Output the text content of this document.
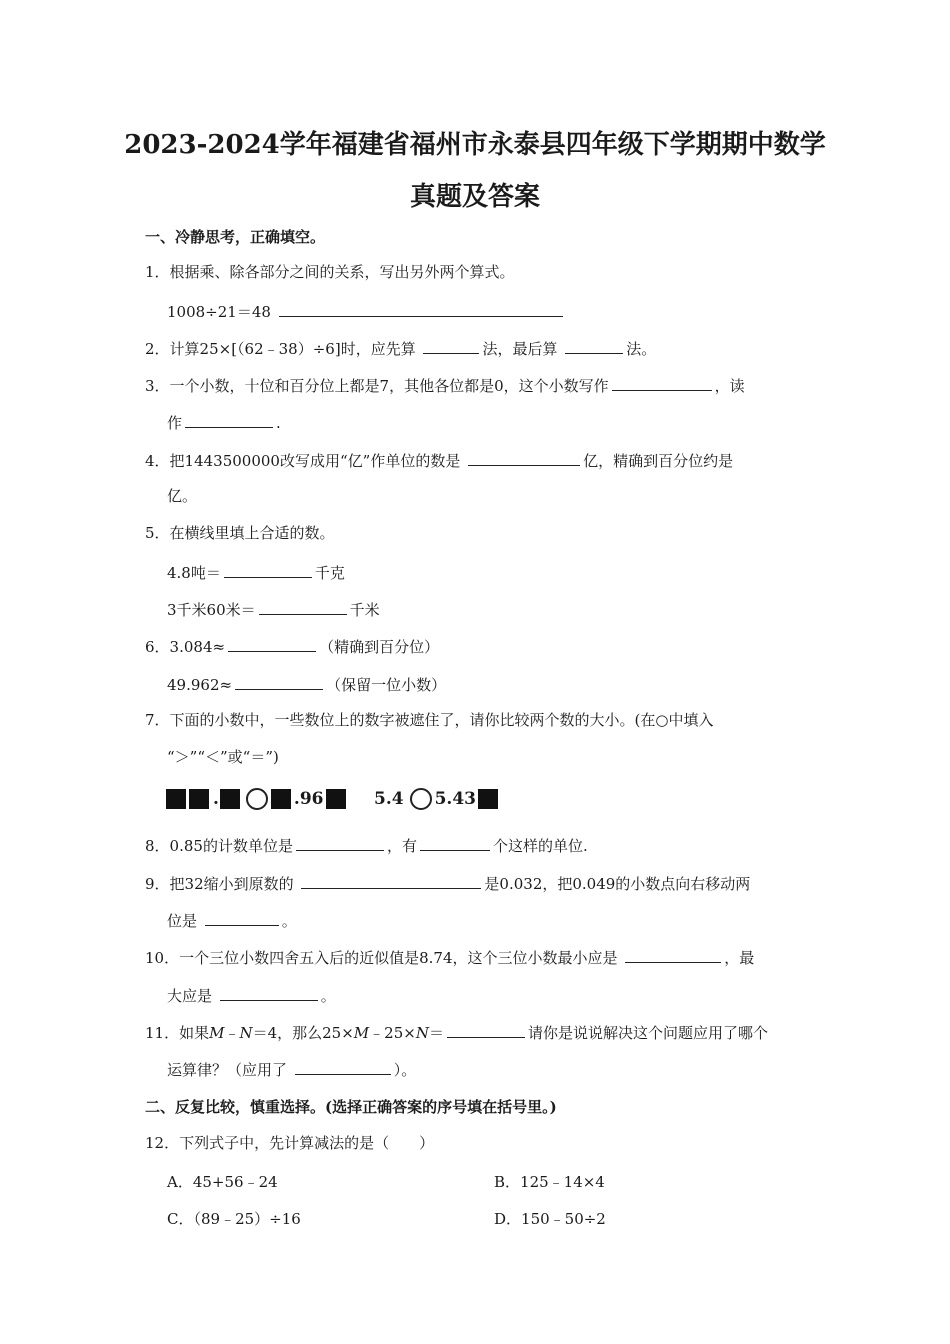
2023-2024学年福建省福州市永泰县四年级下学期期中数学
真题及答案
一、冷静思考，正确填空。
1．根据乘、除各部分之间的关系，写出另外两个算式。
1008÷21＝48
2．计算25×[（62﹣38）÷6]时，应先算	法，最后算	法。
3．一个小数，十位和百分位上都是7，其他各位都是0，这个小数写作	，读
作	.
4．把1443500000改写成用“亿”作单位的数是	亿，精确到百分位约是
亿。
5．在横线里填上合适的数。
4.8吨＝	千克
3千米60米＝	千米
6．3.084≈	（精确到百分位）
49.962≈	（保留一位小数）
7．下面的小数中，一些数位上的数字被遮住了，请你比较两个数的大小。(在○中填入
“＞”“＜”或“＝”)
.	.96	5.4 5.43
8．0.85的计数单位是	，有	个这样的单位.
9．把32缩小到原数的	是0.032，把0.049的小数点向右移动两
位是	。
10．一个三位小数四舍五入后的近似值是8.74，这个三位小数最小应是	，最
大应是	。
11．如果M﹣N＝4，那么25×M﹣25×N＝	请你是说说解决这个问题应用了哪个
运算律？（应用了	）。
二、反复比较，慎重选择。(选择正确答案的序号填在括号里。)
12．下列式子中，先计算减法的是（　　）
A．45+56﹣24	B．125﹣14×4
C．（89﹣25）÷16	D．150﹣50÷2
